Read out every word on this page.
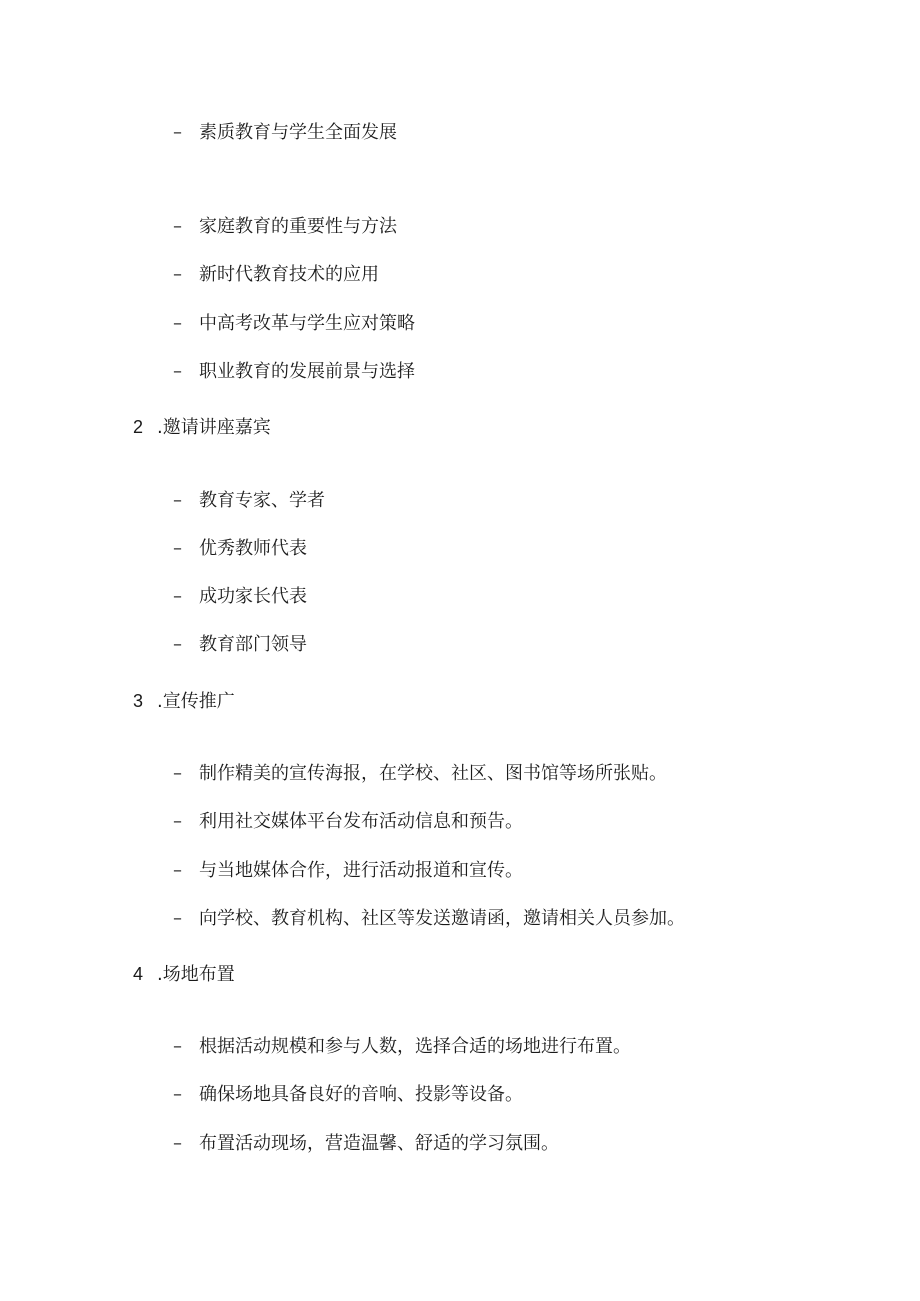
– 素质教育与学生全面发展
– 家庭教育的重要性与方法
– 新时代教育技术的应用
– 中高考改革与学生应对策略
– 职业教育的发展前景与选择
2 .邀请讲座嘉宾
– 教育专家、学者
– 优秀教师代表
– 成功家长代表
– 教育部门领导
3 .宣传推广
– 制作精美的宣传海报，在学校、社区、图书馆等场所张贴。
– 利用社交媒体平台发布活动信息和预告。
– 与当地媒体合作，进行活动报道和宣传。
– 向学校、教育机构、社区等发送邀请函，邀请相关人员参加。
4 .场地布置
– 根据活动规模和参与人数，选择合适的场地进行布置。
– 确保场地具备良好的音响、投影等设备。
– 布置活动现场，营造温馨、舒适的学习氛围。
